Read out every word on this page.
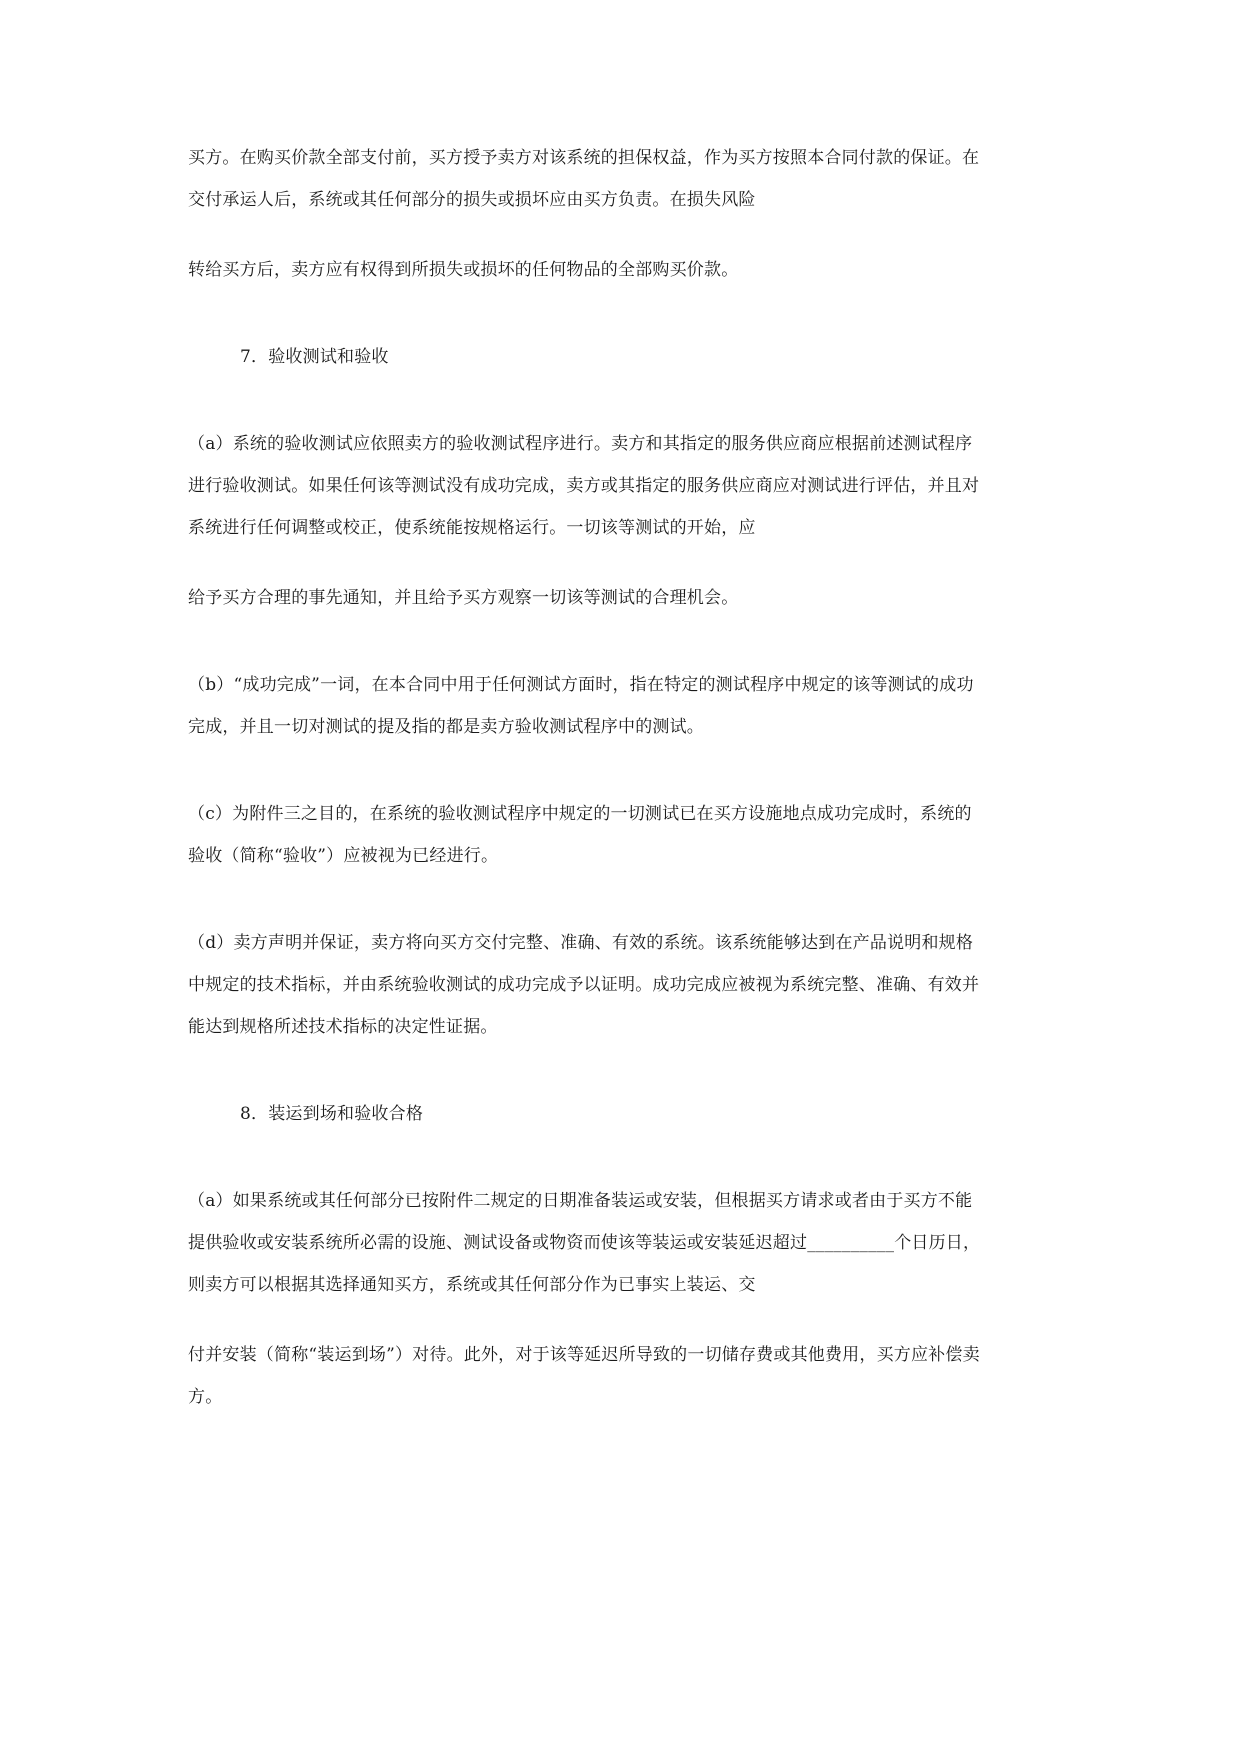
买方。在购买价款全部支付前，买方授予卖方对该系统的担保权益，作为买方按照本合同付款的保证。在
交付承运人后，系统或其任何部分的损失或损坏应由买方负责。在损失风险
转给买方后，卖方应有权得到所损失或损坏的任何物品的全部购买价款。
7．验收测试和验收
（a）系统的验收测试应依照卖方的验收测试程序进行。卖方和其指定的服务供应商应根据前述测试程序
进行验收测试。如果任何该等测试没有成功完成，卖方或其指定的服务供应商应对测试进行评估，并且对
系统进行任何调整或校正，使系统能按规格运行。一切该等测试的开始，应
给予买方合理的事先通知，并且给予买方观察一切该等测试的合理机会。
（b）“成功完成”一词，在本合同中用于任何测试方面时，指在特定的测试程序中规定的该等测试的成功
完成，并且一切对测试的提及指的都是卖方验收测试程序中的测试。
（c）为附件三之目的，在系统的验收测试程序中规定的一切测试已在买方设施地点成功完成时，系统的
验收（简称“验收”）应被视为已经进行。
（d）卖方声明并保证，卖方将向买方交付完整、准确、有效的系统。该系统能够达到在产品说明和规格
中规定的技术指标，并由系统验收测试的成功完成予以证明。成功完成应被视为系统完整、准确、有效并
能达到规格所述技术指标的决定性证据。
8．装运到场和验收合格
（a）如果系统或其任何部分已按附件二规定的日期准备装运或安装，但根据买方请求或者由于买方不能
提供验收或安装系统所必需的设施、测试设备或物资而使该等装运或安装延迟超过__________个日历日，
则卖方可以根据其选择通知买方，系统或其任何部分作为已事实上装运、交
付并安装（简称“装运到场”）对待。此外，对于该等延迟所导致的一切储存费或其他费用，买方应补偿卖
方。
